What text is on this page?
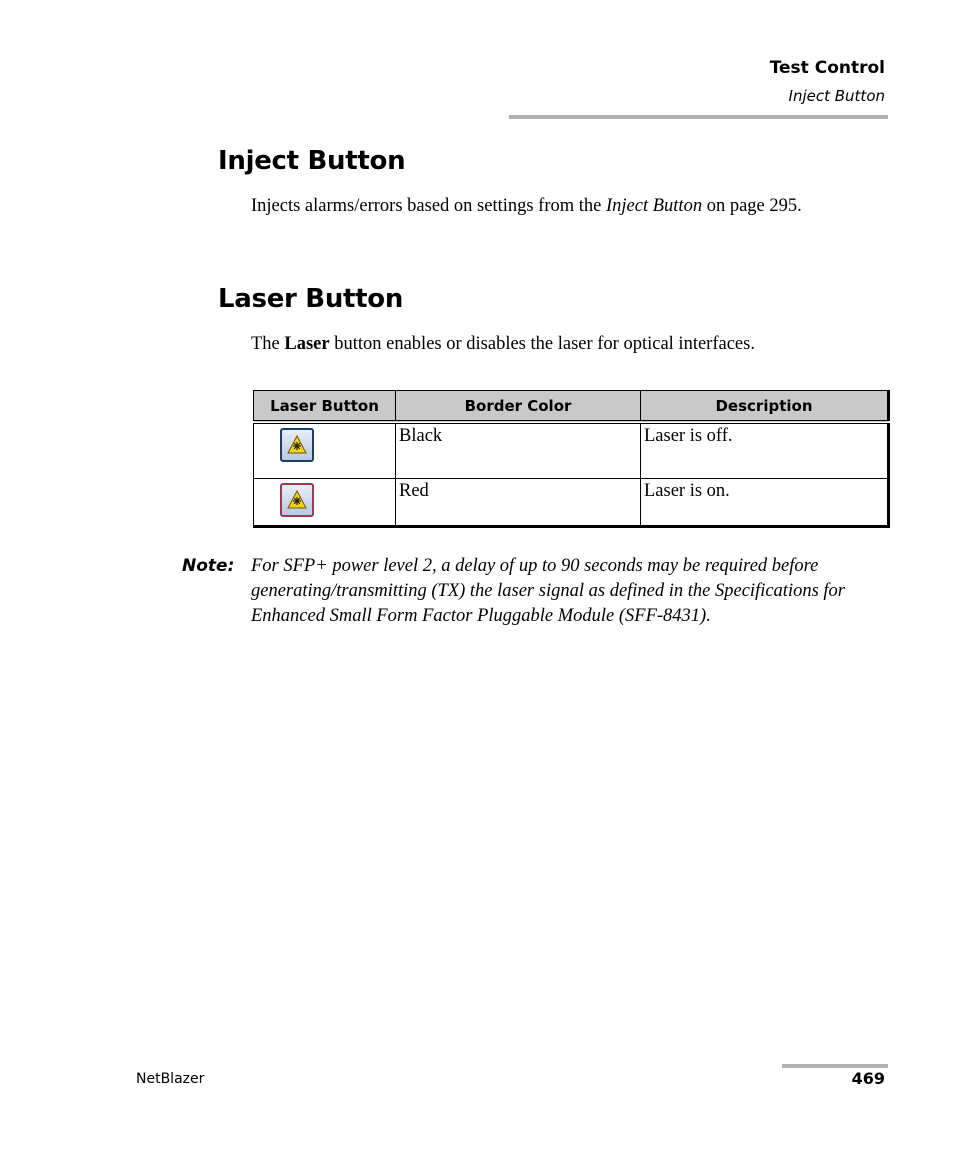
Test Control
Inject Button
Inject Button

Injects alarms/errors based on settings from the Inject Button on page 295.

Laser Button

The Laser button enables or disables the laser for optical interfaces.

Laser Button	Border Color	Description

	Black	Laser is off.

	Red	Laser is on.
Note: For SFP+ power level 2, a delay of up to 90 seconds may be required before generating/transmitting (TX) the laser signal as defined in the Specifications for Enhanced Small Form Factor Pluggable Module (SFF-8431).
NetBlazer	469
